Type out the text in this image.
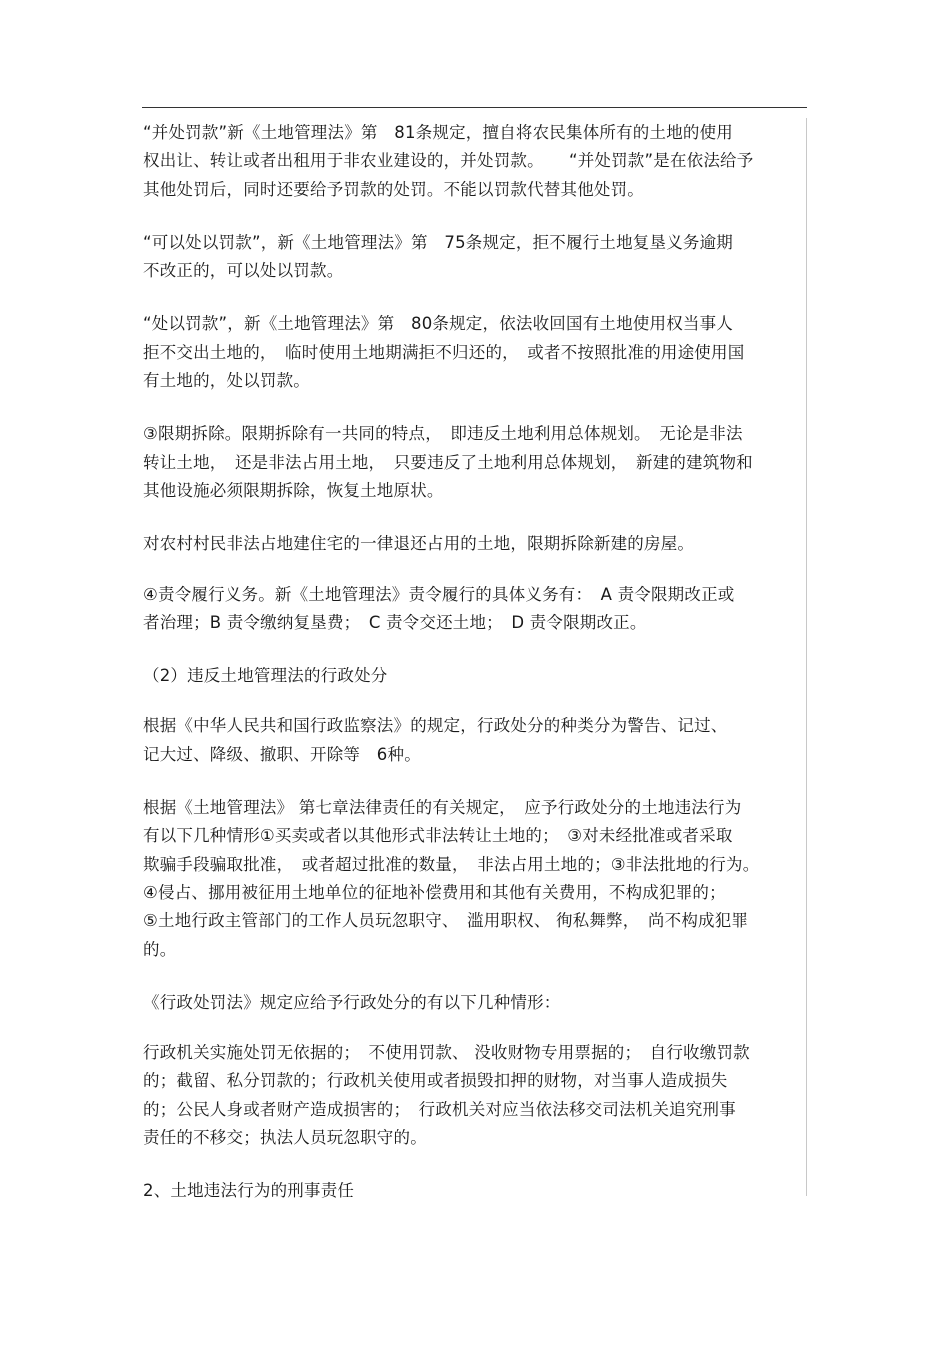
“并处罚款”新《土地管理法》第　81条规定，擅自将农民集体所有的土地的使用
权出让、转让或者出租用于非农业建设的，并处罚款。　　“并处罚款”是在依法给予
其他处罚后，同时还要给予罚款的处罚。不能以罚款代替其他处罚。

“可以处以罚款”，新《土地管理法》第　75条规定，拒不履行土地复垦义务逾期
不改正的，可以处以罚款。

“处以罚款”，新《土地管理法》第　80条规定，依法收回国有土地使用权当事人
拒不交出土地的，　临时使用土地期满拒不归还的，　或者不按照批准的用途使用国
有土地的，处以罚款。

③限期拆除。限期拆除有一共同的特点，　即违反土地利用总体规划。　无论是非法
转让土地，　还是非法占用土地，　只要违反了土地利用总体规划，　新建的建筑物和
其他设施必须限期拆除，恢复土地原状。

对农村村民非法占地建住宅的一律退还占用的土地，限期拆除新建的房屋。

④责令履行义务。新《土地管理法》责令履行的具体义务有：　A 责令限期改正或
者治理；B 责令缴纳复垦费；　C 责令交还土地；　D 责令限期改正。

（2）违反土地管理法的行政处分

根据《中华人民共和国行政监察法》的规定，行政处分的种类分为警告、记过、
记大过、降级、撤职、开除等　6种。

根据《土地管理法》 第七章法律责任的有关规定，　应予行政处分的土地违法行为
有以下几种情形①买卖或者以其他形式非法转让土地的；　③对未经批准或者采取
欺骗手段骗取批准，　或者超过批准的数量，　非法占用土地的；③非法批地的行为。
④侵占、挪用被征用土地单位的征地补偿费用和其他有关费用，不构成犯罪的；
⑤土地行政主管部门的工作人员玩忽职守、　滥用职权、 徇私舞弊，　尚不构成犯罪
的。

《行政处罚法》规定应给予行政处分的有以下几种情形：

行政机关实施处罚无依据的；　不使用罚款、 没收财物专用票据的；　自行收缴罚款
的；截留、私分罚款的；行政机关使用或者损毁扣押的财物，对当事人造成损失
的；公民人身或者财产造成损害的；　行政机关对应当依法移交司法机关追究刑事
责任的不移交；执法人员玩忽职守的。

2、土地违法行为的刑事责任
